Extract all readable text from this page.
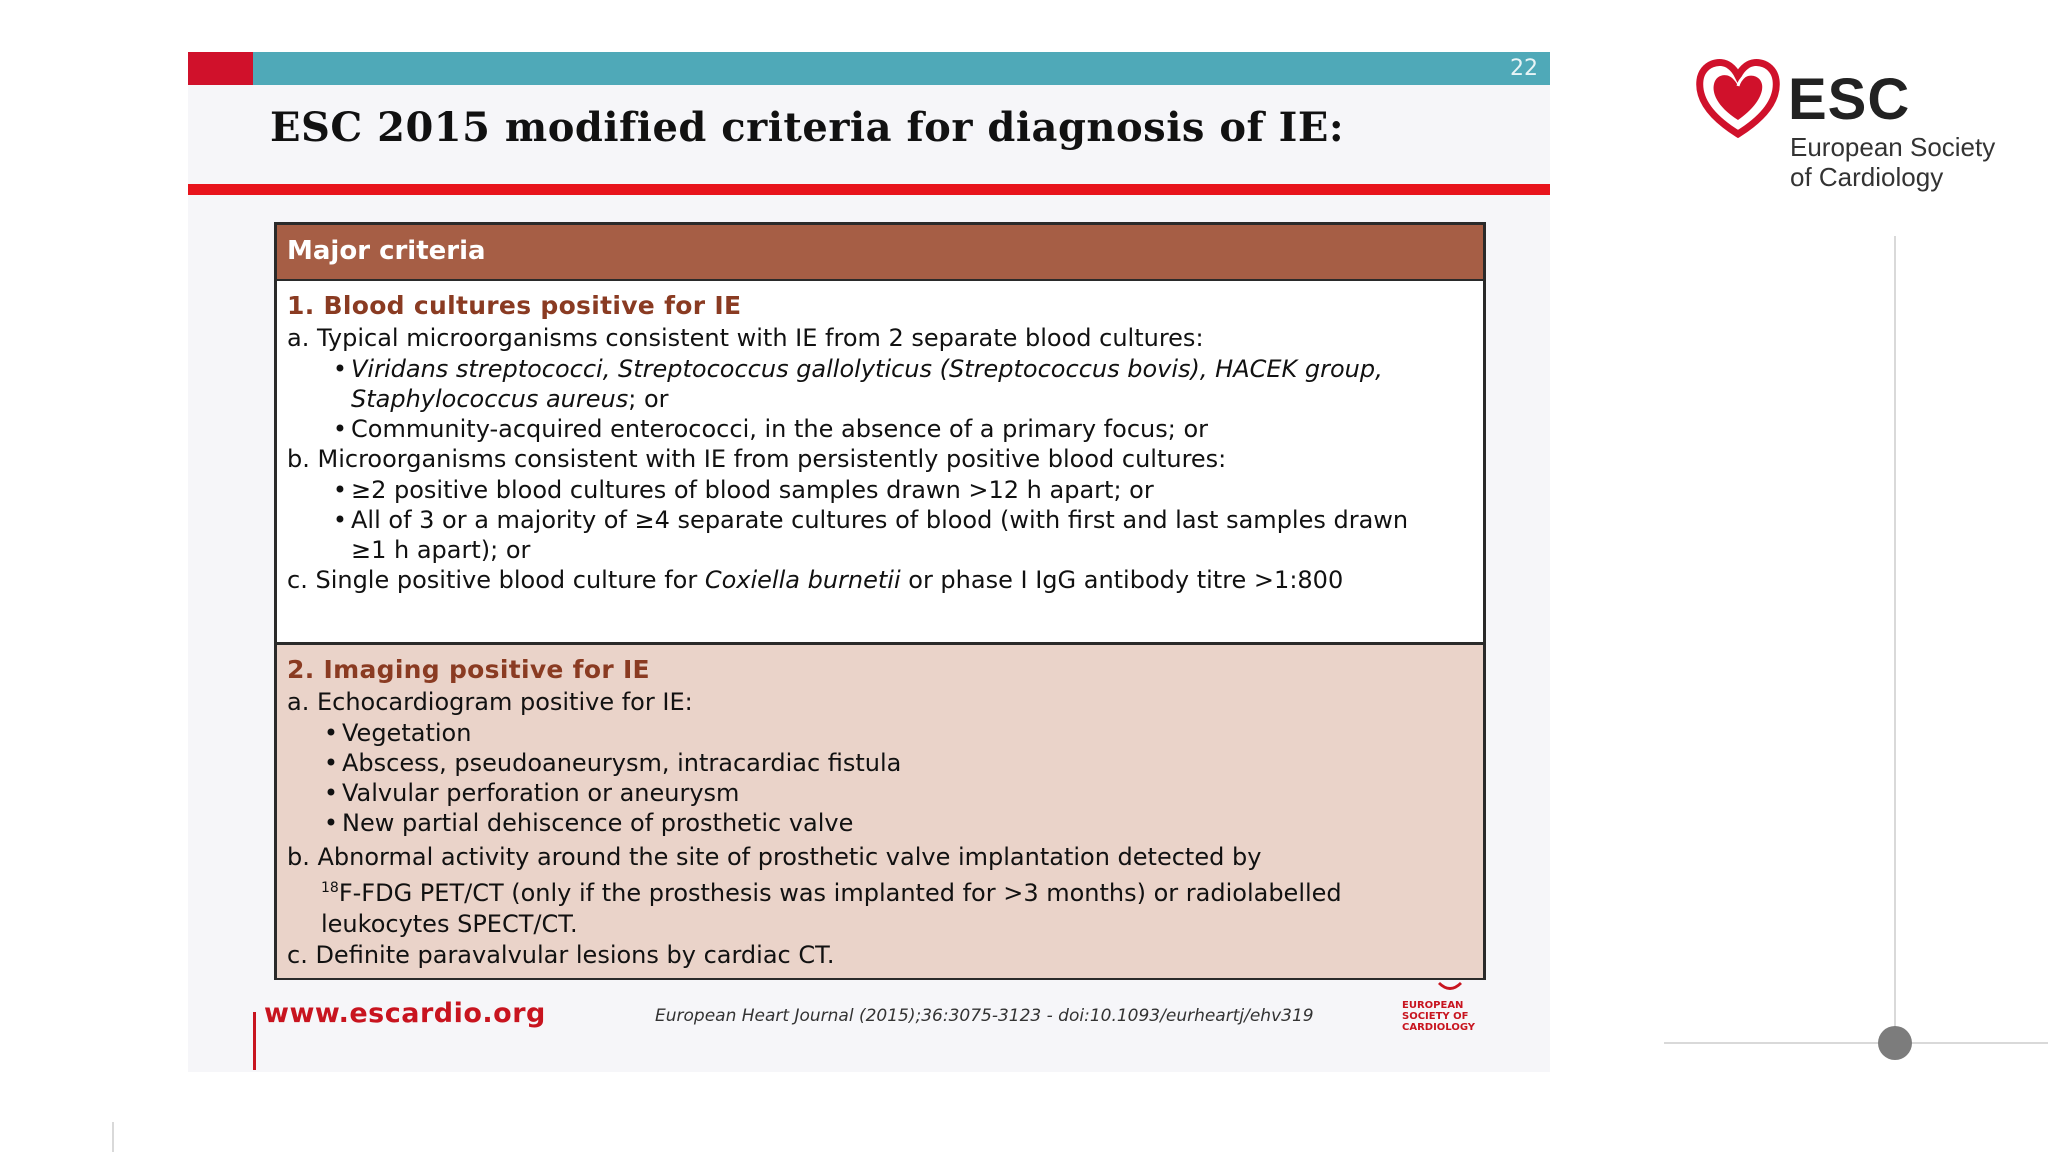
22
ESC 2015 modified criteria for diagnosis of IE:
Major criteria
1. Blood cultures positive for IE
a. Typical microorganisms consistent with IE from 2 separate blood cultures:
• Viridans streptococci, Streptococcus gallolyticus (Streptococcus bovis), HACEK group,
Staphylococcus aureus; or
• Community-acquired enterococci, in the absence of a primary focus; or
b. Microorganisms consistent with IE from persistently positive blood cultures:
• ≥2 positive blood cultures of blood samples drawn >12 h apart; or
• All of 3 or a majority of ≥4 separate cultures of blood (with first and last samples drawn
≥1 h apart); or
c. Single positive blood culture for Coxiella burnetii or phase I IgG antibody titre >1:800
2. Imaging positive for IE
a. Echocardiogram positive for IE:
• Vegetation
• Abscess, pseudoaneurysm, intracardiac fistula
• Valvular perforation or aneurysm
• New partial dehiscence of prosthetic valve
b. Abnormal activity around the site of prosthetic valve implantation detected by
$^{18}$F-FDG PET/CT (only if the prosthesis was implanted for >3 months) or radiolabelled
leukocytes SPECT/CT.
c. Definite paravalvular lesions by cardiac CT.
www.escardio.org	European Heart Journal (2015);36:3075-3123 - doi:10.1093/eurheartj/ehv319
EUROPEAN SOCIETY OF CARDIOLOGY
ESC
European Society
of Cardiology
